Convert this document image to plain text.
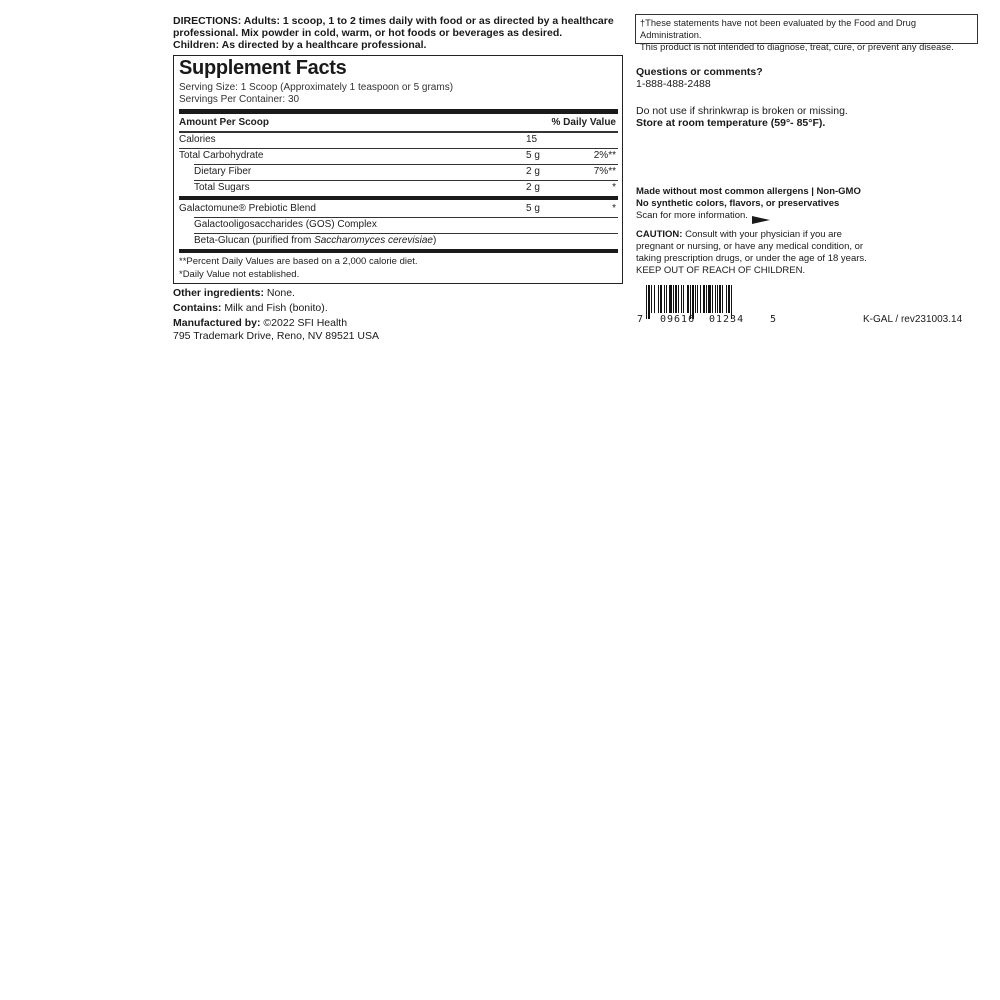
DIRECTIONS: Adults: 1 scoop, 1 to 2 times daily with food or as directed by a healthcare
professional. Mix powder in cold, warm, or hot foods or beverages as desired.
Children: As directed by a healthcare professional.
Supplement Facts
Serving Size: 1 Scoop (Approximately 1 teaspoon or 5 grams)
Servings Per Container: 30
Amount Per Scoop	% Daily Value
Calories	15
Total Carbohydrate	5 g	2%**
Dietary Fiber	2 g	7%**
Total Sugars	2 g	*
Galactomune® Prebiotic Blend	5 g	*
Galactooligosaccharides (GOS) Complex
Beta-Glucan (purified from Saccharomyces cerevisiae)
**Percent Daily Values are based on a 2,000 calorie diet.
*Daily Value not established.
Other ingredients: None.
Contains: Milk and Fish (bonito).
Manufactured by: ©2022 SFI Health
795 Trademark Drive, Reno, NV 89521 USA
†These statements have not been evaluated by the Food and Drug Administration.
This product is not intended to diagnose, treat, cure, or prevent any disease.
Questions or comments?
1-888-488-2488
Do not use if shrinkwrap is broken or missing.
Store at room temperature (59°- 85°F).
Made without most common allergens | Non-GMO
No synthetic colors, flavors, or preservatives
Scan for more information.
CAUTION: Consult with your physician if you are pregnant or nursing, or have any medical condition, or taking prescription drugs, or under the age of 18 years.
KEEP OUT OF REACH OF CHILDREN.
7 09616 01234	5	K-GAL / rev231003.14
